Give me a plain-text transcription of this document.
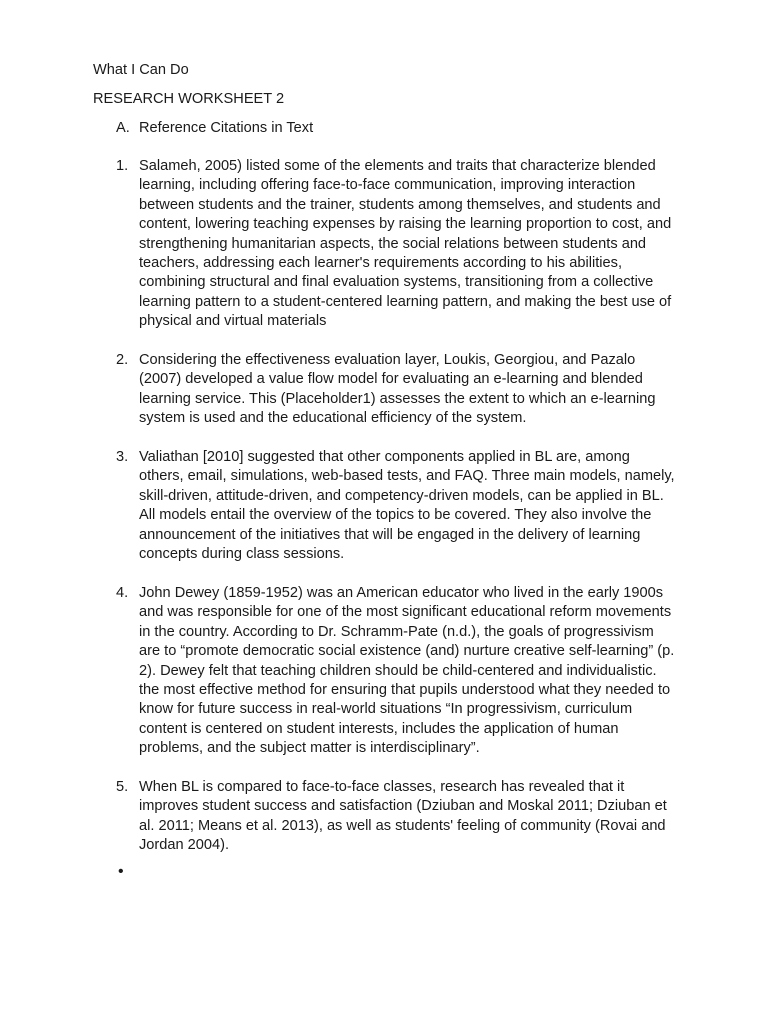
What I Can Do

RESEARCH WORKSHEET 2

A. Reference Citations in Text
1. Salameh, 2005) listed some of the elements and traits that characterize blended learning, including offering face-to-face communication, improving interaction between students and the trainer, students among themselves, and students and content, lowering teaching expenses by raising the learning proportion to cost, and strengthening humanitarian aspects, the social relations between students and teachers, addressing each learner's requirements according to his abilities, combining structural and final evaluation systems, transitioning from a collective learning pattern to a student-centered learning pattern, and making the best use of physical and virtual materials
2. Considering the effectiveness evaluation layer, Loukis, Georgiou, and Pazalo (2007) developed a value flow model for evaluating an e-learning and blended learning service. This (Placeholder1) assesses the extent to which an e-learning system is used and the educational efficiency of the system.
3. Valiathan [2010] suggested that other components applied in BL are, among others, email, simulations, web-based tests, and FAQ. Three main models, namely, skill-driven, attitude-driven, and competency-driven models, can be applied in BL. All models entail the overview of the topics to be covered. They also involve the announcement of the initiatives that will be engaged in the delivery of learning concepts during class sessions.
4. John Dewey (1859-1952) was an American educator who lived in the early 1900s and was responsible for one of the most significant educational reform movements in the country. According to Dr. Schramm-Pate (n.d.), the goals of progressivism are to “promote democratic social existence (and) nurture creative self-learning” (p. 2). Dewey felt that teaching children should be child-centered and individualistic. the most effective method for ensuring that pupils understood what they needed to know for future success in real-world situations “In progressivism, curriculum content is centered on student interests, includes the application of human problems, and the subject matter is interdisciplinary”.
5. When BL is compared to face-to-face classes, research has revealed that it improves student success and satisfaction (Dziuban and Moskal 2011; Dziuban et al. 2011; Means et al. 2013), as well as students' feeling of community (Rovai and Jordan 2004).
•
